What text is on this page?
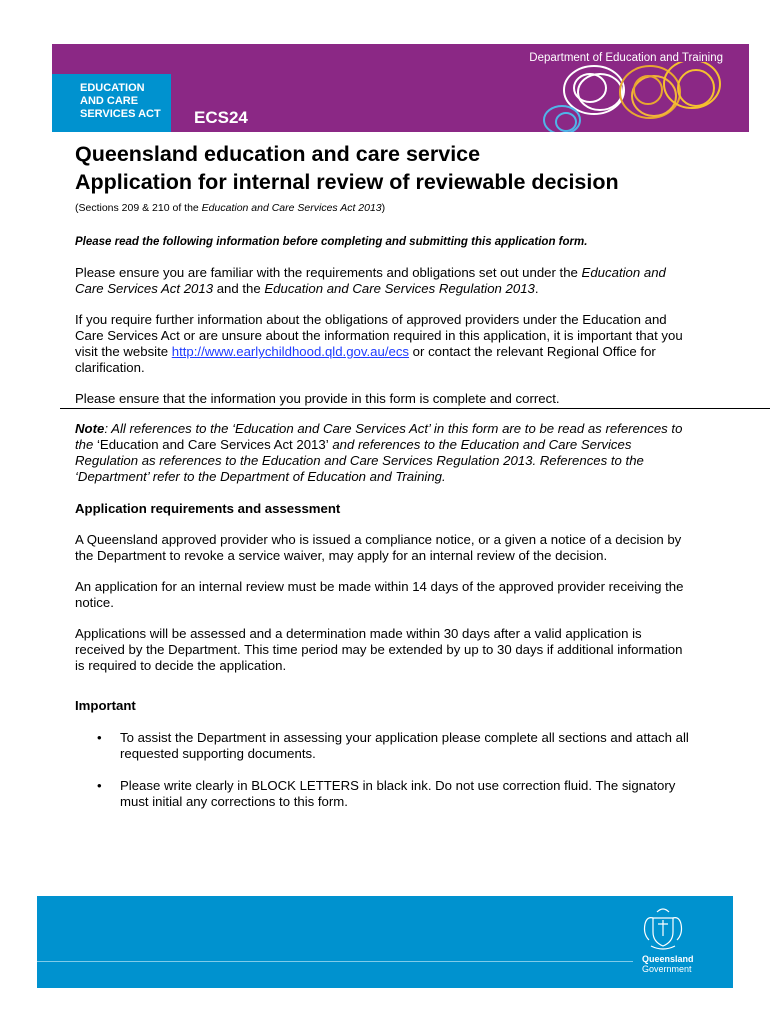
Department of Education and Training
EDUCATION
AND CARE
SERVICES ACT ECS24
Queensland education and care service
Application for internal review of reviewable decision
(Sections 209 & 210 of the Education and Care Services Act 2013)

Please read the following information before completing and submitting this application form.

Please ensure you are familiar with the requirements and obligations set out under the Education and Care Services Act 2013 and the Education and Care Services Regulation 2013.

If you require further information about the obligations of approved providers under the Education and Care Services Act or are unsure about the information required in this application, it is important that you visit the website http://www.earlychildhood.qld.gov.au/ecs or contact the relevant Regional Office for clarification.

Please ensure that the information you provide in this form is complete and correct.

Note: All references to the ‘Education and Care Services Act’ in this form are to be read as references to the ‘Education and Care Services Act 2013’ and references to the Education and Care Services Regulation as references to the Education and Care Services Regulation 2013. References to the ‘Department’ refer to the Department of Education and Training.

Application requirements and assessment

A Queensland approved provider who is issued a compliance notice, or a given a notice of a decision by the Department to revoke a service waiver, may apply for an internal review of the decision.

An application for an internal review must be made within 14 days of the approved provider receiving the notice.

Applications will be assessed and a determination made within 30 days after a valid application is received by the Department. This time period may be extended by up to 30 days if additional information is required to decide the application.

Important

• To assist the Department in assessing your application please complete all sections and attach all requested supporting documents.
• Please write clearly in BLOCK LETTERS in black ink. Do not use correction fluid. The signatory must initial any corrections to this form.
Queensland
Government
